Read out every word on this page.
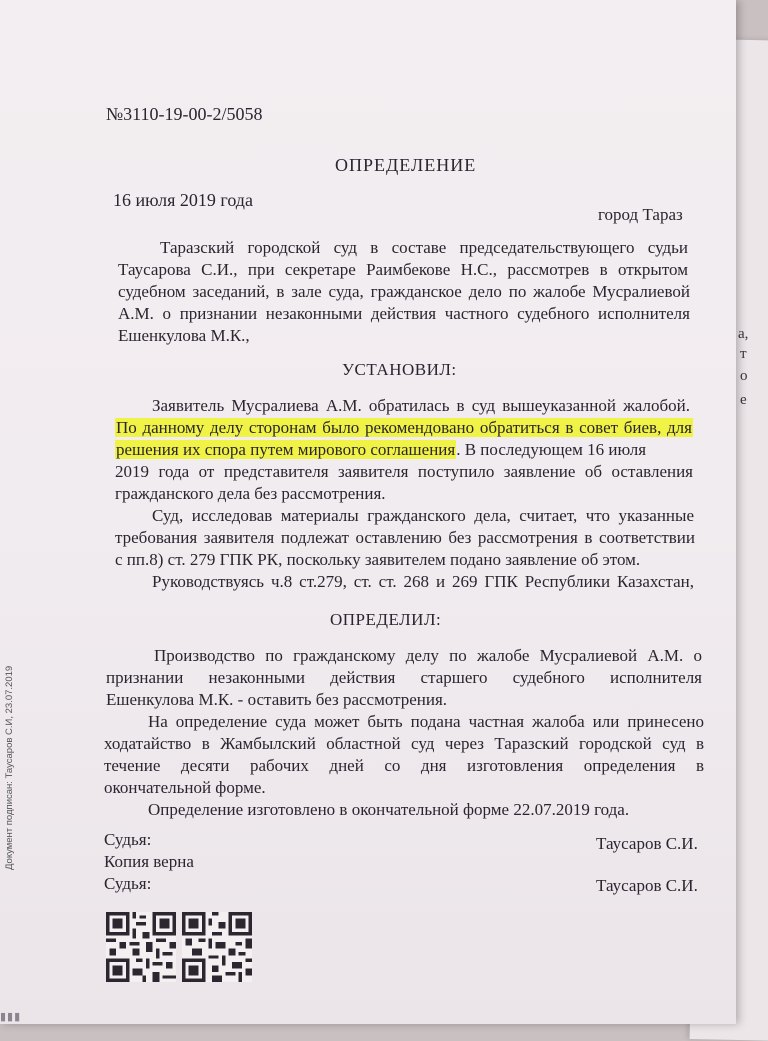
а,
т
о
е
№3110-19-00-2/5058
ОПРЕДЕЛЕНИЕ
16 июля 2019 года
город Тараз
Таразский городской суд в составе председательствующего судьи
Таусарова С.И., при секретаре Раимбекове Н.С., рассмотрев в открытом
судебном заседаний, в зале суда, гражданское дело по жалобе Мусралиевой
А.М. о признании незаконными действия частного судебного исполнителя
Ешенкулова М.К.,
УСТАНОВИЛ:
Заявитель Мусралиева А.М. обратилась в суд вышеуказанной жалобой.
По данному делу сторонам было рекомендовано обратиться в совет биев, для
решения их спора путем мирового соглашения. В последующем 16 июля
2019 года от представителя заявителя поступило заявление об оставления
гражданского дела без рассмотрения.
Суд, исследовав материалы гражданского дела, считает, что указанные
требования заявителя подлежат оставлению без рассмотрения в соответствии
с пп.8) ст. 279 ГПК РК, поскольку заявителем подано заявление об этом.
Руководствуясь ч.8 ст.279, ст. ст. 268 и 269 ГПК Республики Казахстан,
ОПРЕДЕЛИЛ:
Производство по гражданскому делу по жалобе Мусралиевой А.М. о
признании незаконными действия старшего судебного исполнителя
Ешенкулова М.К. - оставить без рассмотрения.
На определение суда может быть подана частная жалоба или принесено
ходатайство в Жамбылский областной суд через Таразский городской суд в
течение десяти рабочих дней со дня изготовления определения в
окончательной форме.
Определение изготовлено в окончательной форме 22.07.2019 года.
Судья:	Таусаров С.И.
Копия верна
Судья:	Таусаров С.И.
Документ подписан: Таусаров С.И, 23.07.2019
▮▮▮
